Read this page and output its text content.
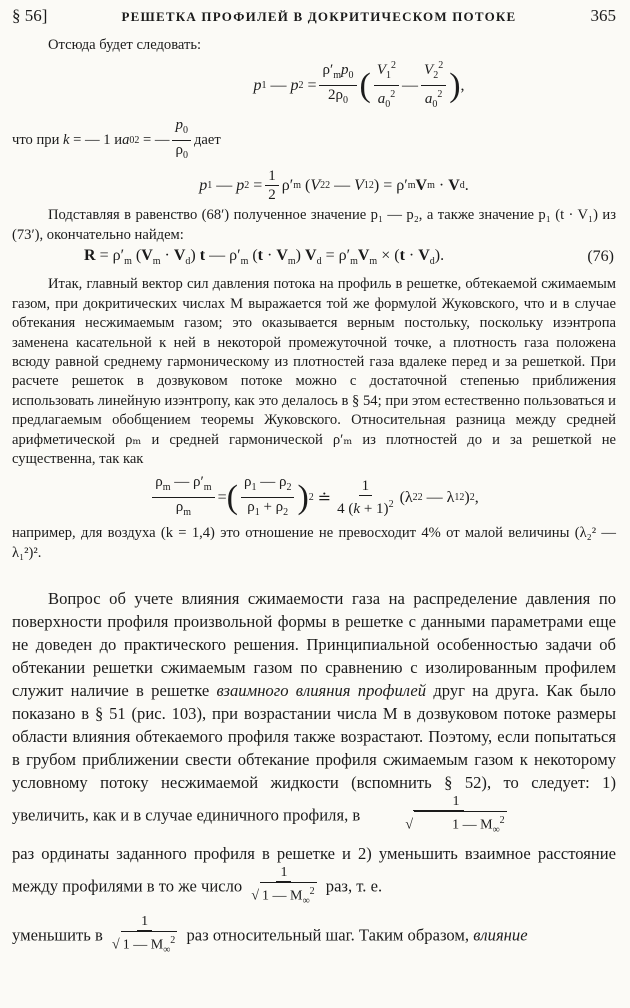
§ 56]	РЕШЕТКА ПРОФИЛЕЙ В ДОКРИТИЧЕСКОМ ПОТОКЕ	365

Отсюда будет следовать:

p 1 — p $2 = \frac{\rho'_mp_0}{2\rho_0}$ ( $\frac{V_1^2}{a_0^2}$ — $\frac{V_2^2}{a_0^2}$ ) ,
что при
k = — 1 и a 0 2 = — $\frac{p_0}{\rho_0}$ дает
p 1 — p $2 = \frac{1}{2} \rho'$ m ( V 2 2 — V 1 2 ) = ρ′ m V m · V d .

Подставляя в равенство (68′) полученное значение p₁ — p₂, а также значение p₁ (t · V₁) из (73′), окончательно найдем:

$R = \rho'_m$ $(V_m \cdot V_d)$ t — $\rho'_m$ $(t \cdot V_m)$ $V_d = \rho'_mV_m \times (t \cdot V_d)$.	(76)

Итак, главный вектор сил давления потока на профиль в решетке, обтекаемой сжимаемым газом, при докритических числах М выражается той же формулой Жуковского, что и в случае обтекания несжимаемым газом; это оказывается верным постольку, поскольку изэнтропа заменена касательной к ней в некоторой промежуточной точке, а плотность газа положена всюду равной среднему гармоническому из плотностей газа вдалеке перед и за решеткой. При расчете решеток в дозвуковом потоке можно с достаточной степенью приближения использовать линейную изэнтропу, как это делалось в § 54; при этом естественно пользоваться и предлагаемым обобщением теоремы Жуковского. Относительная разница между средней арифметической ρₘ и средней гармонической ρ′ₘ из плотностей до и за решеткой не существенна, так как

$\frac{\rho_m — \rho'_m}{\rho_m}$ = ( $\frac{\rho_1 — \rho_2}{\rho_1 + \rho_2}$ ) 2 ≐ $\frac{1}{4 (k + 1)^2} (\lambda$ 2 2 — λ 1 2 ) 2 ,

например, для воздуха (k = 1,4) это отношение не превосходит 4% от малой величины (λ₂² — λ₁²)².

Вопрос об учете влияния сжимаемости газа на распределение давления по поверхности профиля произвольной формы в решетке с данными параметрами еще не доведен до практического решения. Принципиальной особенностью задачи об обтекании решетки сжимаемым газом по сравнению с изолированным профилем служит наличие в решетке взаимного влияния профилей друг на друга. Как было показано в § 51 (рис. 103), при возрастании числа М в дозвуковом потоке размеры области влияния обтекаемого профиля также возрастают. Поэтому, если попытаться в грубом приближении свести обтекание профиля сжимаемым газом к некоторому условному потоку несжимаемой жидкости (вспомнить § 52), то следует: 1) увеличить, как и в случае единичного профиля, в 1
√	1 — $M_\infty^2$

раз ординаты заданного профиля в решетке и 2) уменьшить взаимное расстояние между профилями в то же число $\frac{1}{√ 1 — M_\infty^2}$ раз, т. е.

уменьшить в $\frac{1}{√ 1 — M_\infty^2}$ раз относительный шаг. Таким образом, влияние
